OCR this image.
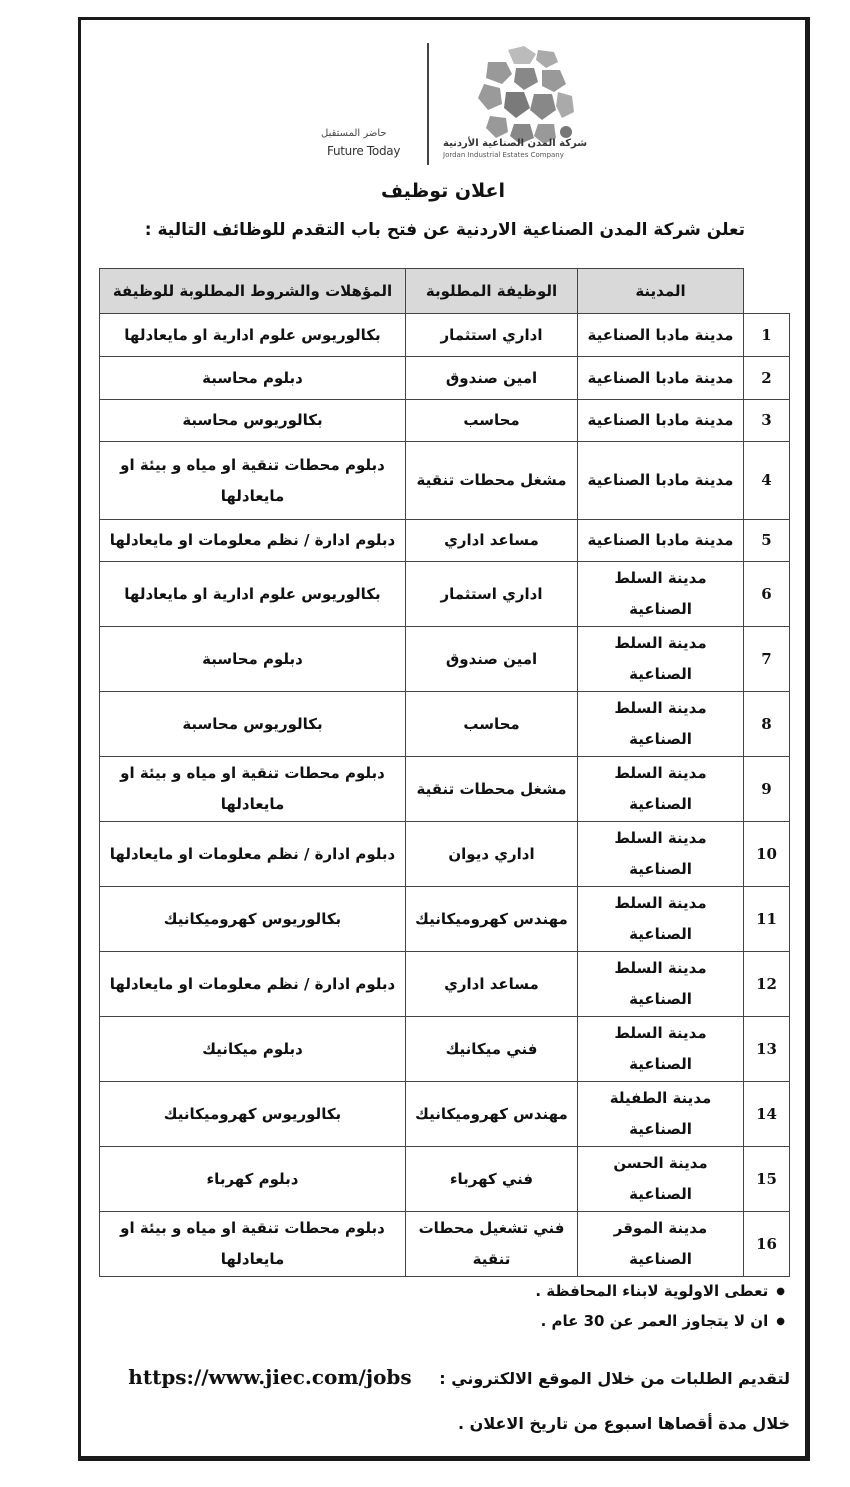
شركة المدن الصناعية الأردنية
Jordan Industrial Estates Company
حاضر المستقبل
Future Today
اعلان توظيف
تعلن شركة المدن الصناعية الاردنية عن فتح باب التقدم للوظائف التالية :
	المدينة	الوظيفة المطلوبة	المؤهلات والشروط المطلوبة للوظيفة
1	مدينة مادبا الصناعية	اداري استثمار	بكالوريوس علوم ادارية او مايعادلها
2	مدينة مادبا الصناعية	امين صندوق	دبلوم محاسبة
3	مدينة مادبا الصناعية	محاسب	بكالوريوس محاسبة
4	مدينة مادبا الصناعية	مشغل محطات تنقية	دبلوم محطات تنقية او مياه و بيئة او مايعادلها
5	مدينة مادبا الصناعية	مساعد اداري	دبلوم ادارة / نظم معلومات او مايعادلها
6	مدينة السلط الصناعية	اداري استثمار	بكالوريوس علوم ادارية او مايعادلها
7	مدينة السلط الصناعية	امين صندوق	دبلوم محاسبة
8	مدينة السلط الصناعية	محاسب	بكالوريوس محاسبة
9	مدينة السلط الصناعية	مشغل محطات تنقية	دبلوم محطات تنقية او مياه و بيئة او مايعادلها
10	مدينة السلط الصناعية	اداري ديوان	دبلوم ادارة / نظم معلومات او مايعادلها
11	مدينة السلط الصناعية	مهندس كهروميكانيك	بكالوريوس كهروميكانيك
12	مدينة السلط الصناعية	مساعد اداري	دبلوم ادارة / نظم معلومات او مايعادلها
13	مدينة السلط الصناعية	فني ميكانيك	دبلوم ميكانيك
14	مدينة الطفيلة الصناعية	مهندس كهروميكانيك	بكالوريوس كهروميكانيك
15	مدينة الحسن الصناعية	فني كهرباء	دبلوم كهرباء
16	مدينة الموقر الصناعية	فني تشغيل محطات تنقية	دبلوم محطات تنقية او مياه و بيئة او مايعادلها
● تعطى الاولوية لابناء المحافظة .
● ان لا يتجاوز العمر عن 30 عام .
لتقديم الطلبات من خلال الموقع الالكتروني : https://www.jiec.com/jobs
خلال مدة أقصاها اسبوع من تاريخ الاعلان .
